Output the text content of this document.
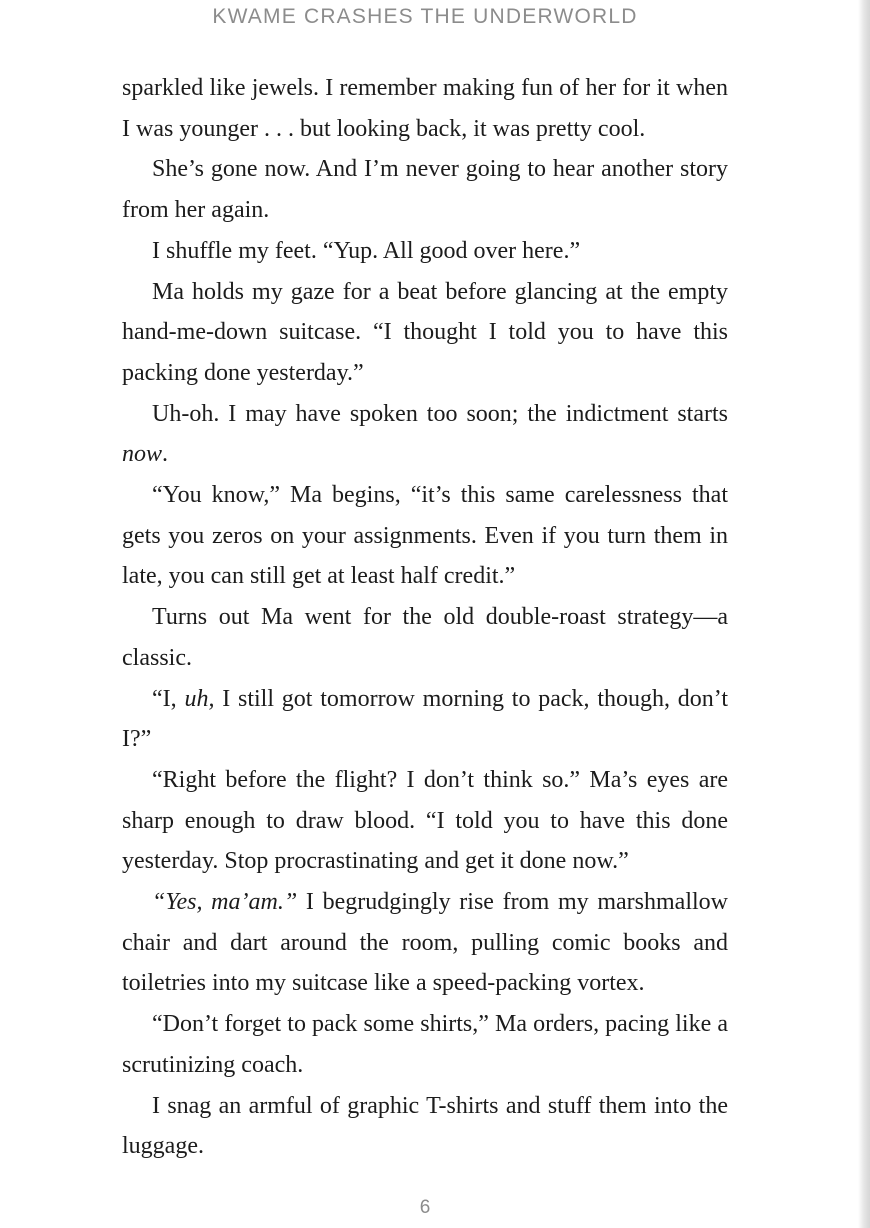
KWAME CRASHES THE UNDERWORLD

sparkled like jewels. I remember making fun of her for it when I was younger . . . but looking back, it was pretty cool.

She’s gone now. And I’m never going to hear another story from her again.

I shuffle my feet. “Yup. All good over here.”

Ma holds my gaze for a beat before glancing at the empty hand-me-down suitcase. “I thought I told you to have this packing done yesterday.”

Uh-oh. I may have spoken too soon; the indictment starts now.

“You know,” Ma begins, “it’s this same carelessness that gets you zeros on your assignments. Even if you turn them in late, you can still get at least half credit.”

Turns out Ma went for the old double-roast strategy—a classic.

“I, uh, I still got tomorrow morning to pack, though, don’t I?”

“Right before the flight? I don’t think so.” Ma’s eyes are sharp enough to draw blood. “I told you to have this done yesterday. Stop procrastinating and get it done now.”

“Yes, ma’am.” I begrudgingly rise from my marshmallow chair and dart around the room, pulling comic books and toiletries into my suitcase like a speed-packing vortex.

“Don’t forget to pack some shirts,” Ma orders, pacing like a scrutinizing coach.

I snag an armful of graphic T-shirts and stuff them into the luggage.

6
